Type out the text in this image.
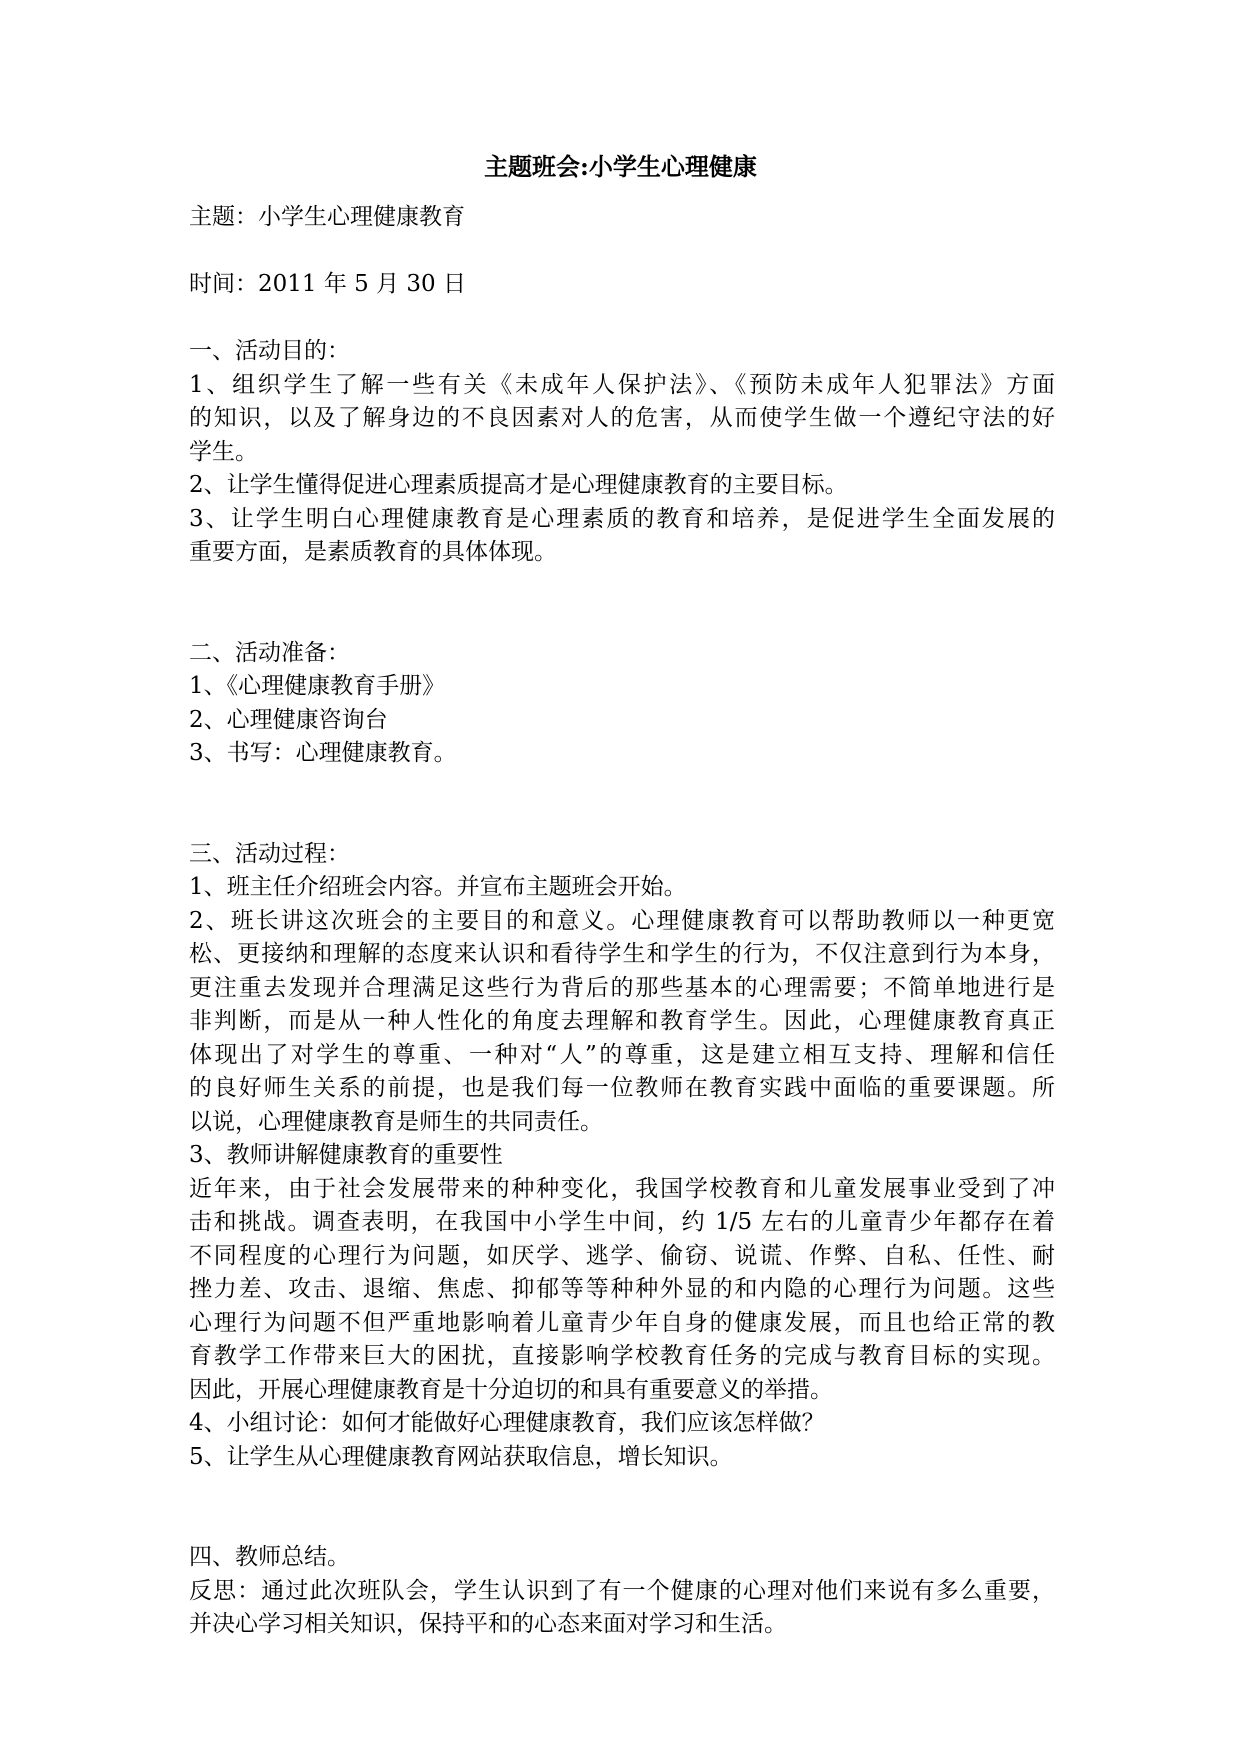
主题班会:小学生心理健康
主题：小学生心理健康教育
时间：2011 年 5 月 30 日
一、活动目的：
1、组织学生了解一些有关《未成年人保护法》、《预防未成年人犯罪法》方面
的知识，以及了解身边的不良因素对人的危害，从而使学生做一个遵纪守法的好
学生。
2、让学生懂得促进心理素质提高才是心理健康教育的主要目标。
3、让学生明白心理健康教育是心理素质的教育和培养，是促进学生全面发展的
重要方面，是素质教育的具体体现。
二、活动准备：
1、《心理健康教育手册》
2、心理健康咨询台
3、书写：心理健康教育。
三、活动过程：
1、班主任介绍班会内容。并宣布主题班会开始。
2、班长讲这次班会的主要目的和意义。心理健康教育可以帮助教师以一种更宽
松、更接纳和理解的态度来认识和看待学生和学生的行为，不仅注意到行为本身，
更注重去发现并合理满足这些行为背后的那些基本的心理需要；不简单地进行是
非判断，而是从一种人性化的角度去理解和教育学生。因此，心理健康教育真正
体现出了对学生的尊重、一种对“人”的尊重，这是建立相互支持、理解和信任
的良好师生关系的前提，也是我们每一位教师在教育实践中面临的重要课题。所
以说，心理健康教育是师生的共同责任。
3、教师讲解健康教育的重要性
近年来，由于社会发展带来的种种变化，我国学校教育和儿童发展事业受到了冲
击和挑战。调查表明，在我国中小学生中间，约 1/5 左右的儿童青少年都存在着
不同程度的心理行为问题，如厌学、逃学、偷窃、说谎、作弊、自私、任性、耐
挫力差、攻击、退缩、焦虑、抑郁等等种种外显的和内隐的心理行为问题。这些
心理行为问题不但严重地影响着儿童青少年自身的健康发展，而且也给正常的教
育教学工作带来巨大的困扰，直接影响学校教育任务的完成与教育目标的实现。
因此，开展心理健康教育是十分迫切的和具有重要意义的举措。
4、小组讨论：如何才能做好心理健康教育，我们应该怎样做？
5、让学生从心理健康教育网站获取信息，增长知识。
四、教师总结。
反思：通过此次班队会，学生认识到了有一个健康的心理对他们来说有多么重要，
并决心学习相关知识，保持平和的心态来面对学习和生活。
